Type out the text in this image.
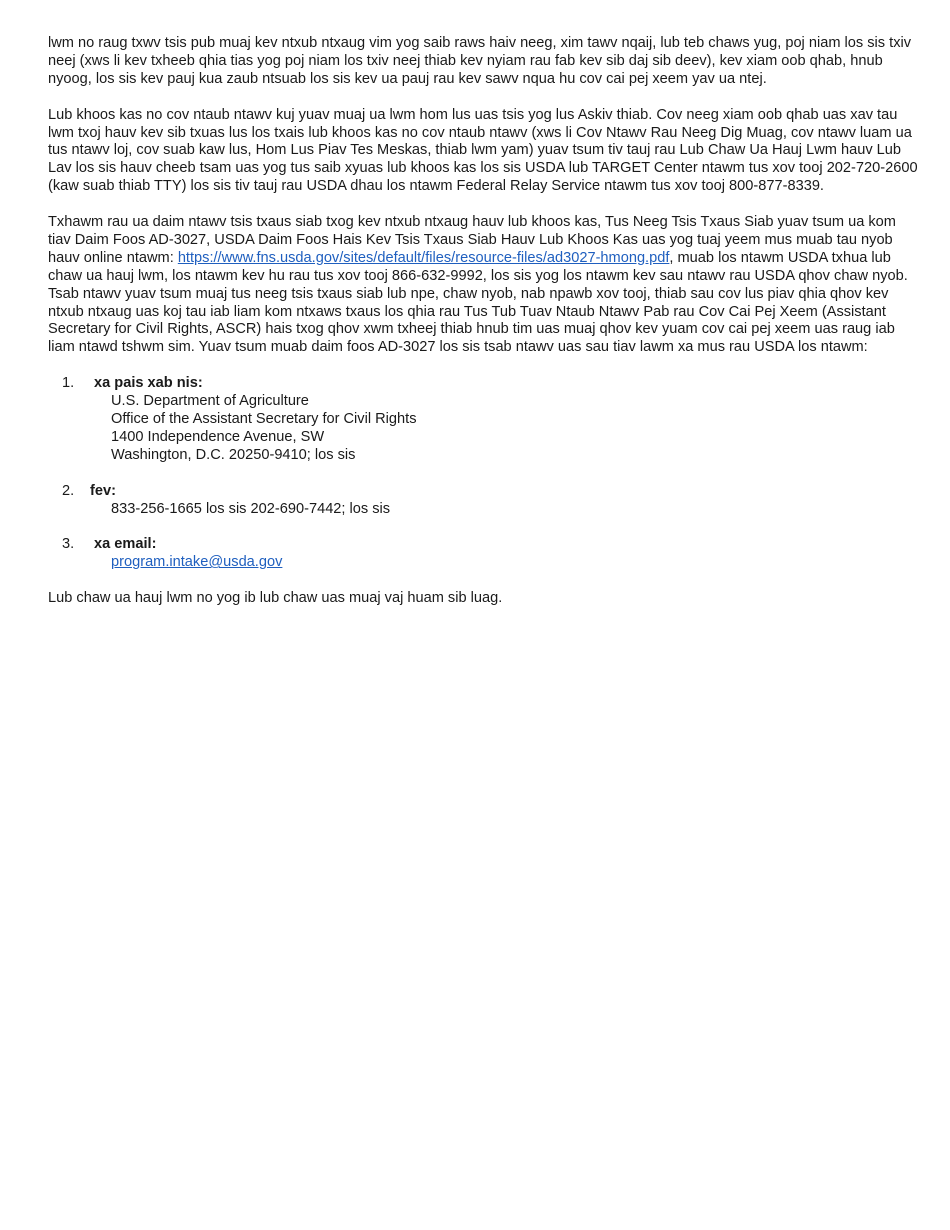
lwm no raug txwv tsis pub muaj kev ntxub ntxaug vim yog saib raws haiv neeg, xim tawv nqaij, lub teb chaws yug, poj niam los sis txiv neej (xws li kev txheeb qhia tias yog poj niam los txiv neej thiab kev nyiam rau fab kev sib daj sib deev), kev xiam oob qhab, hnub nyoog, los sis kev pauj kua zaub ntsuab los sis kev ua pauj rau kev sawv nqua hu cov cai pej xeem yav ua ntej.

Lub khoos kas no cov ntaub ntawv kuj yuav muaj ua lwm hom lus uas tsis yog lus Askiv thiab. Cov neeg xiam oob qhab uas xav tau lwm txoj hauv kev sib txuas lus los txais lub khoos kas no cov ntaub ntawv (xws li Cov Ntawv Rau Neeg Dig Muag, cov ntawv luam ua tus ntawv loj, cov suab kaw lus, Hom Lus Piav Tes Meskas, thiab lwm yam) yuav tsum tiv tauj rau Lub Chaw Ua Hauj Lwm hauv Lub Lav los sis hauv cheeb tsam uas yog tus saib xyuas lub khoos kas los sis USDA lub TARGET Center ntawm tus xov tooj 202-720-2600 (kaw suab thiab TTY) los sis tiv tauj rau USDA dhau los ntawm Federal Relay Service ntawm tus xov tooj 800-877-8339.

Txhawm rau ua daim ntawv tsis txaus siab txog kev ntxub ntxaug hauv lub khoos kas, Tus Neeg Tsis Txaus Siab yuav tsum ua kom tiav Daim Foos AD-3027, USDA Daim Foos Hais Kev Tsis Txaus Siab Hauv Lub Khoos Kas uas yog tuaj yeem mus muab tau nyob hauv online ntawm: https://www.fns.usda.gov/sites/default/files/resource-files/ad3027-hmong.pdf, muab los ntawm USDA txhua lub chaw ua hauj lwm, los ntawm kev hu rau tus xov tooj 866-632-9992, los sis yog los ntawm kev sau ntawv rau USDA qhov chaw nyob. Tsab ntawv yuav tsum muaj tus neeg tsis txaus siab lub npe, chaw nyob, nab npawb xov tooj, thiab sau cov lus piav qhia qhov kev ntxub ntxaug uas koj tau iab liam kom ntxaws txaus los qhia rau Tus Tub Tuav Ntaub Ntawv Pab rau Cov Cai Pej Xeem (Assistant Secretary for Civil Rights, ASCR) hais txog qhov xwm txheej thiab hnub tim uas muaj qhov kev yuam cov cai pej xeem uas raug iab liam ntawd tshwm sim. Yuav tsum muab daim foos AD-3027 los sis tsab ntawv uas sau tiav lawm xa mus rau USDA los ntawm:

1.	xa pais xab nis:
U.S. Department of Agriculture
Office of the Assistant Secretary for Civil Rights
1400 Independence Avenue, SW
Washington, D.C. 20250-9410; los sis
2.	fev:
833-256-1665 los sis 202-690-7442; los sis
3.	xa email:
program.intake@usda.gov

Lub chaw ua hauj lwm no yog ib lub chaw uas muaj vaj huam sib luag.
